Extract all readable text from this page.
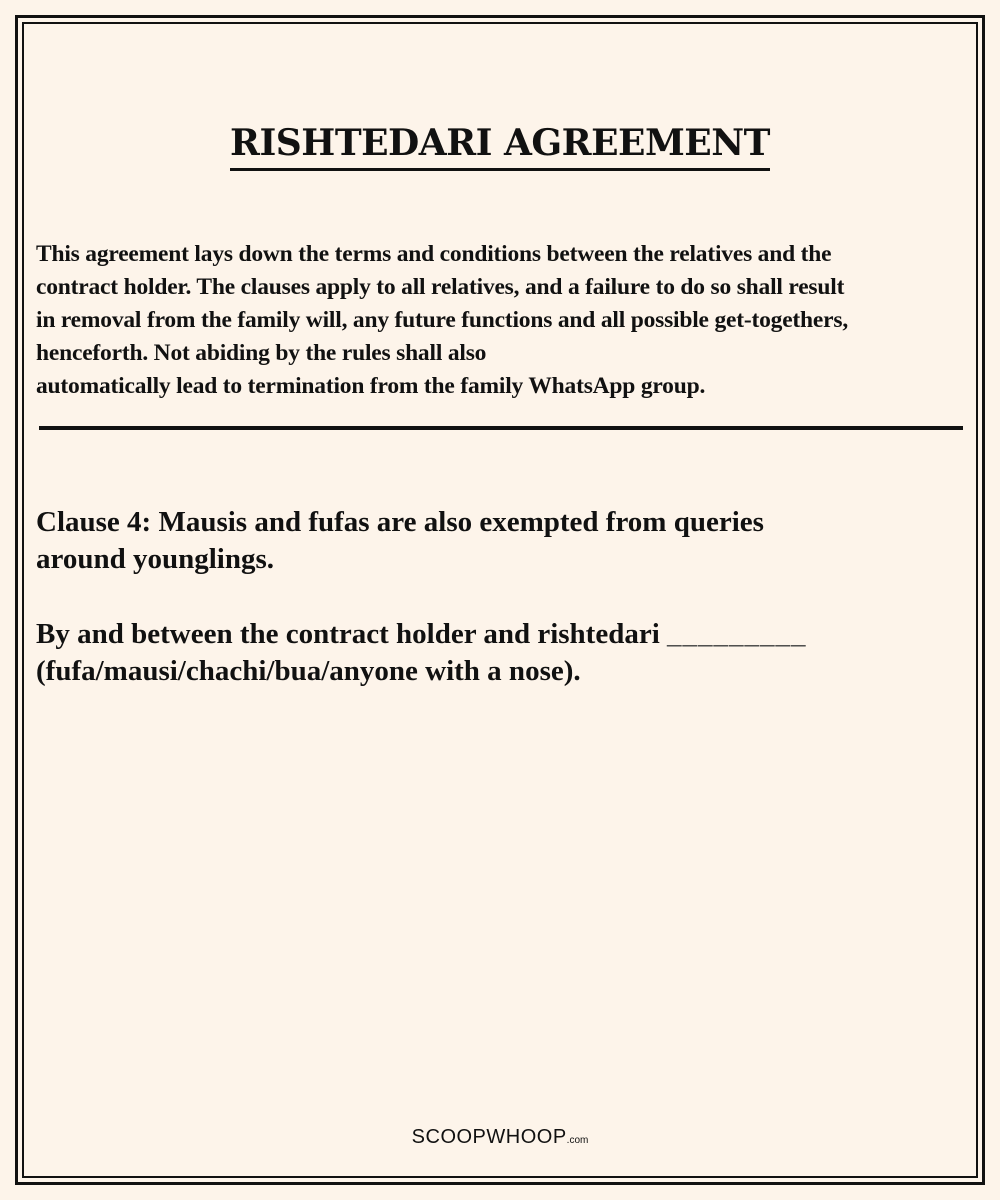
RISHTEDARI AGREEMENT

This agreement lays down the terms and conditions between the relatives and the
contract holder. The clauses apply to all relatives, and a failure to do so shall result
in removal from the family will, any future functions and all possible get-togethers,
henceforth. Not abiding by the rules shall also
automatically lead to termination from the family WhatsApp group.

Clause 4: Mausis and fufas are also exempted from queries
around younglings.

By and between the contract holder and rishtedari _________
(fufa/mausi/chachi/bua/anyone with a nose).

SCOOPWHOOP.com
